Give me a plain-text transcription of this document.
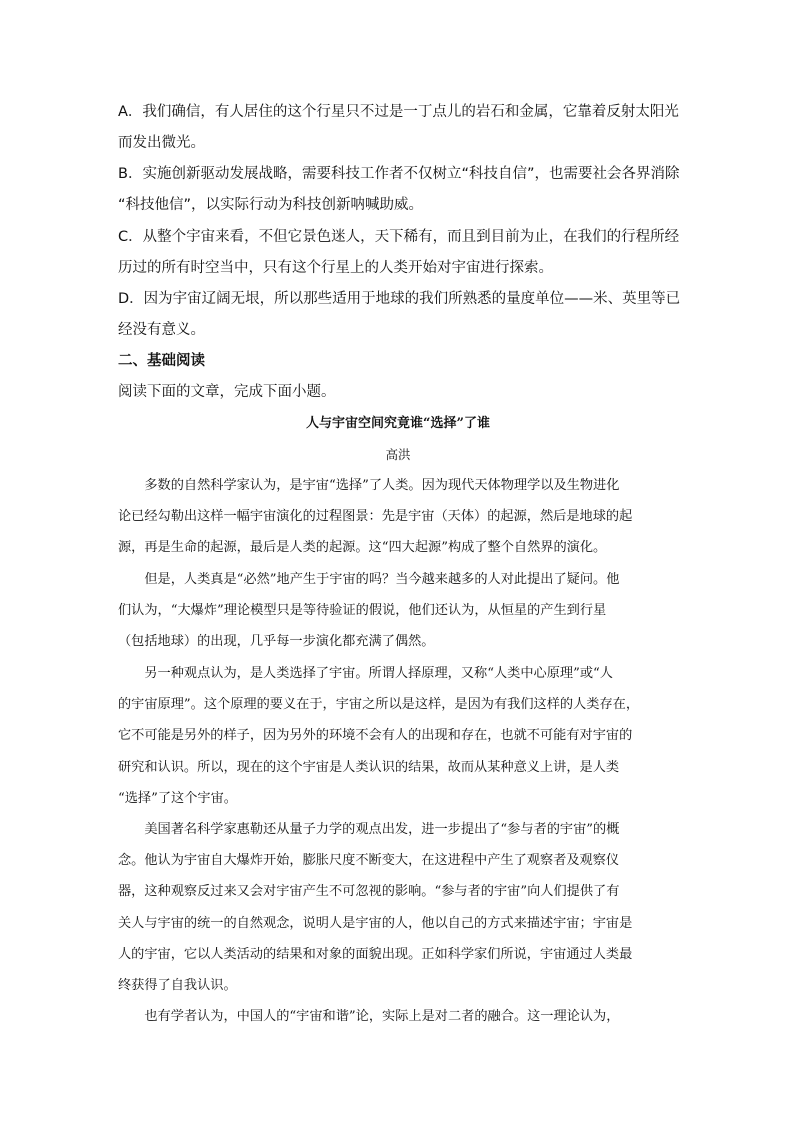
A．我们确信，有人居住的这个行星只不过是一丁点儿的岩石和金属，它靠着反射太阳光
而发出微光。
B．实施创新驱动发展战略，需要科技工作者不仅树立“科技自信”，也需要社会各界消除
“科技他信”，以实际行动为科技创新呐喊助威。
C．从整个宇宙来看，不但它景色迷人，天下稀有，而且到目前为止，在我们的行程所经
历过的所有时空当中，只有这个行星上的人类开始对宇宙进行探索。
D．因为宇宙辽阔无垠，所以那些适用于地球的我们所熟悉的量度单位——米、英里等已
经没有意义。
二、基础阅读
阅读下面的文章，完成下面小题。
人与宇宙空间究竟谁“选择”了谁
高洪
　　多数的自然科学家认为，是宇宙“选择”了人类。因为现代天体物理学以及生物进化
论已经勾勒出这样一幅宇宙演化的过程图景：先是宇宙（天体）的起源，然后是地球的起
源，再是生命的起源，最后是人类的起源。这“四大起源”构成了整个自然界的演化。
　　但是，人类真是“必然”地产生于宇宙的吗？当今越来越多的人对此提出了疑问。他
们认为，“大爆炸”理论模型只是等待验证的假说，他们还认为，从恒星的产生到行星
（包括地球）的出现，几乎每一步演化都充满了偶然。
　　另一种观点认为，是人类选择了宇宙。所谓人择原理，又称“人类中心原理”或“人
的宇宙原理”。这个原理的要义在于，宇宙之所以是这样，是因为有我们这样的人类存在，
它不可能是另外的样子，因为另外的环境不会有人的出现和存在，也就不可能有对宇宙的
研究和认识。所以，现在的这个宇宙是人类认识的结果，故而从某种意义上讲，是人类
“选择”了这个宇宙。
　　美国著名科学家惠勒还从量子力学的观点出发，进一步提出了“参与者的宇宙”的概
念。他认为宇宙自大爆炸开始，膨胀尺度不断变大，在这进程中产生了观察者及观察仪
器，这种观察反过来又会对宇宙产生不可忽视的影响。“参与者的宇宙”向人们提供了有
关人与宇宙的统一的自然观念，说明人是宇宙的人，他以自己的方式来描述宇宙；宇宙是
人的宇宙，它以人类活动的结果和对象的面貌出现。正如科学家们所说，宇宙通过人类最
终获得了自我认识。
　　也有学者认为，中国人的“宇宙和谐”论，实际上是对二者的融合。这一理论认为，
